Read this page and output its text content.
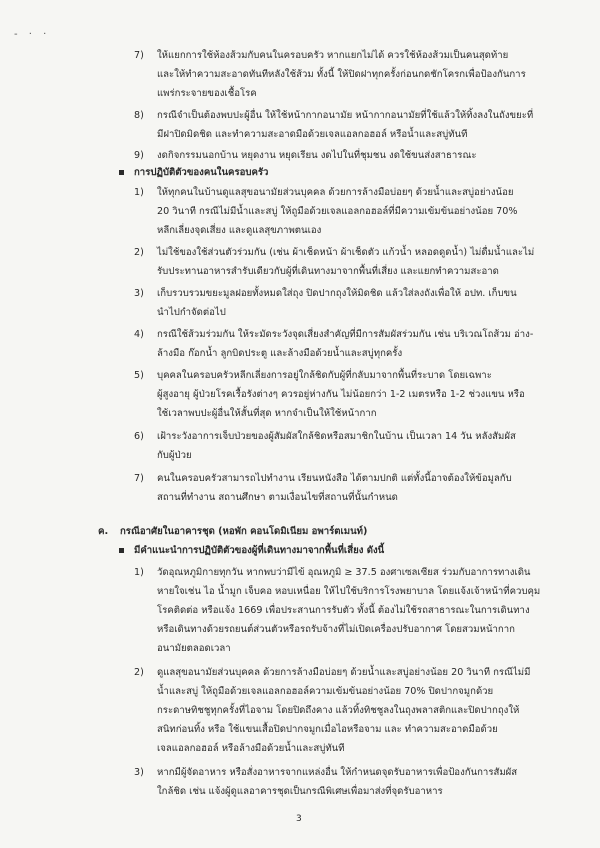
- · ·
7) ให้แยกการใช้ห้องส้วมกับคนในครอบครัว หากแยกไม่ได้ ควรใช้ห้องส้วมเป็นคนสุดท้าย
และให้ทำความสะอาดทันทีหลังใช้ส้วม ทั้งนี้ ให้ปิดฝาทุกครั้งก่อนกดชักโครกเพื่อป้องกันการ
แพร่กระจายของเชื้อโรค
8) กรณีจำเป็นต้องพบปะผู้อื่น ให้ใช้หน้ากากอนามัย หน้ากากอนามัยที่ใช้แล้วให้ทิ้งลงในถังขยะที่
มีฝาปิดมิดชิด และทำความสะอาดมือด้วยเจลแอลกอฮอล์ หรือน้ำและสบู่ทันที
9) งดกิจกรรมนอกบ้าน หยุดงาน หยุดเรียน งดไปในที่ชุมชน งดใช้ขนส่งสาธารณะ
การปฏิบัติตัวของคนในครอบครัว
1) ให้ทุกคนในบ้านดูแลสุขอนามัยส่วนบุคคล ด้วยการล้างมือบ่อยๆ ด้วยน้ำและสบู่อย่างน้อย
20 วินาที กรณีไม่มีน้ำและสบู่ ให้ถูมือด้วยเจลแอลกอฮอล์ที่มีความเข้มข้นอย่างน้อย 70%
หลีกเลี่ยงจุดเสี่ยง และดูแลสุขภาพตนเอง
2) ไม่ใช้ของใช้ส่วนตัวร่วมกัน (เช่น ผ้าเช็ดหน้า ผ้าเช็ดตัว แก้วน้ำ หลอดดูดน้ำ) ไม่ดื่มน้ำและไม่
รับประทานอาหารสำรับเดียวกับผู้ที่เดินทางมาจากพื้นที่เสี่ยง และแยกทำความสะอาด
3) เก็บรวบรวมขยะมูลฝอยทั้งหมดใส่ถุง ปิดปากถุงให้มิดชิด แล้วใส่ลงถังเพื่อให้ อปท. เก็บขน
นำไปกำจัดต่อไป
4) กรณีใช้ส้วมร่วมกัน ให้ระมัดระวังจุดเสี่ยงสำคัญที่มีการสัมผัสร่วมกัน เช่น บริเวณโถส้วม อ่าง-
ล้างมือ ก๊อกน้ำ ลูกบิดประตู และล้างมือด้วยน้ำและสบู่ทุกครั้ง
5) บุคคลในครอบครัวหลีกเลี่ยงการอยู่ใกล้ชิดกับผู้ที่กลับมาจากพื้นที่ระบาด โดยเฉพาะ
ผู้สูงอายุ ผู้ป่วยโรคเรื้อรังต่างๆ ควรอยู่ห่างกัน ไม่น้อยกว่า 1-2 เมตรหรือ 1-2 ช่วงแขน หรือ
ใช้เวลาพบปะผู้อื่นให้สั้นที่สุด หากจำเป็นให้ใช้หน้ากาก
6) เฝ้าระวังอาการเจ็บป่วยของผู้สัมผัสใกล้ชิดหรือสมาชิกในบ้าน เป็นเวลา 14 วัน หลังสัมผัส
กับผู้ป่วย
7) คนในครอบครัวสามารถไปทำงาน เรียนหนังสือ ได้ตามปกติ แต่ทั้งนี้อาจต้องให้ข้อมูลกับ
สถานที่ทำงาน สถานศึกษา ตามเงื่อนไขที่สถานที่นั้นกำหนด
ค. กรณีอาศัยในอาคารชุด (หอพัก คอนโดมิเนียม อพาร์ตเมนท์)
มีคำแนะนำการปฏิบัติตัวของผู้ที่เดินทางมาจากพื้นที่เสี่ยง ดังนี้
1) วัดอุณหภูมิกายทุกวัน หากพบว่ามีไข้ อุณหภูมิ ≥ 37.5 องศาเซลเซียส ร่วมกับอาการทางเดิน
หายใจเช่น ไอ น้ำมูก เจ็บคอ หอบเหนื่อย ให้ไปใช้บริการโรงพยาบาล โดยแจ้งเจ้าหน้าที่ควบคุม
โรคติดต่อ หรือแจ้ง 1669 เพื่อประสานการรับตัว ทั้งนี้ ต้องไม่ใช้รถสาธารณะในการเดินทาง
หรือเดินทางด้วยรถยนต์ส่วนตัวหรือรถรับจ้างที่ไม่เปิดเครื่องปรับอากาศ โดยสวมหน้ากาก
อนามัยตลอดเวลา
2) ดูแลสุขอนามัยส่วนบุคคล ด้วยการล้างมือบ่อยๆ ด้วยน้ำและสบู่อย่างน้อย 20 วินาที กรณีไม่มี
น้ำและสบู่ ให้ถูมือด้วยเจลแอลกอฮอล์ความเข้มข้นอย่างน้อย 70% ปิดปากจมูกด้วย
กระดาษทิชชูทุกครั้งที่ไอจาม โดยปิดถึงคาง แล้วทิ้งทิชชูลงในถุงพลาสติกและปิดปากถุงให้
สนิทก่อนทิ้ง หรือ ใช้แขนเสื้อปิดปากจมูกเมื่อไอหรือจาม และ ทำความสะอาดมือด้วย
เจลแอลกอฮอล์ หรือล้างมือด้วยน้ำและสบู่ทันที
3) หากมีผู้จัดอาหาร หรือสั่งอาหารจากแหล่งอื่น ให้กำหนดจุดรับอาหารเพื่อป้องกันการสัมผัส
ใกล้ชิด เช่น แจ้งผู้ดูแลอาคารชุดเป็นกรณีพิเศษเพื่อมาส่งที่จุดรับอาหาร
3
